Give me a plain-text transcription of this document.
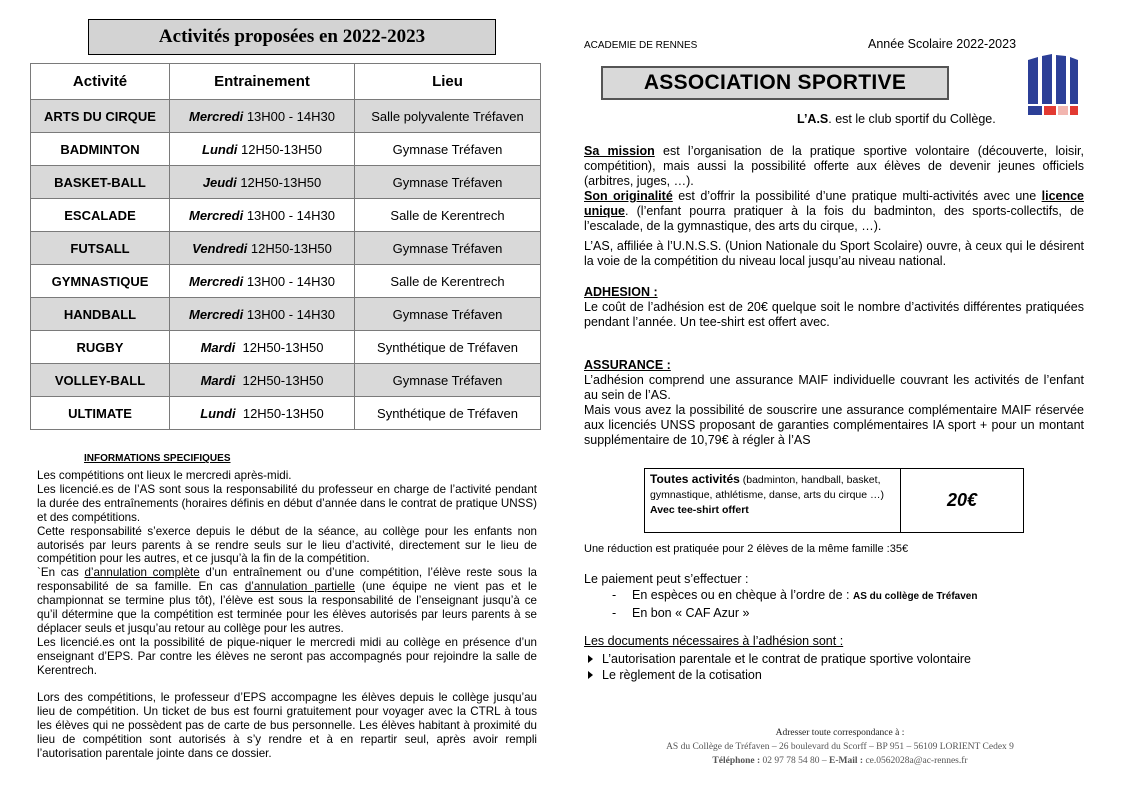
Activités proposées en 2022-2023
Activité	Entrainement	Lieu
ARTS DU CIRQUE	Mercredi 13H00 - 14H30	Salle polyvalente Tréfaven
BADMINTON	Lundi 12H50-13H50	Gymnase Tréfaven
BASKET-BALL	Jeudi 12H50-13H50	Gymnase Tréfaven
ESCALADE	Mercredi 13H00 - 14H30	Salle de Kerentrech
FUTSALL	Vendredi 12H50-13H50	Gymnase Tréfaven
GYMNASTIQUE	Mercredi 13H00 - 14H30	Salle de Kerentrech
HANDBALL	Mercredi 13H00 - 14H30	Gymnase Tréfaven
RUGBY	Mardi  12H50-13H50	Synthétique de Tréfaven
VOLLEY-BALL	Mardi  12H50-13H50	Gymnase Tréfaven
ULTIMATE	Lundi  12H50-13H50	Synthétique de Tréfaven
INFORMATIONS SPECIFIQUES

Les compétitions ont lieux le mercredi après-midi.

Les licencié.es de l’AS sont sous la responsabilité du professeur en charge de l’activité pendant la durée des entraînements (horaires définis en début d’année dans le contrat de pratique UNSS) et des compétitions.

Cette responsabilité s’exerce depuis le début de la séance, au collège pour les enfants non autorisés par leurs parents à se rendre seuls sur le lieu d’activité, directement sur le lieu de compétition pour les autres, et ce jusqu’à la fin de la compétition.

`En cas d’annulation complète d’un entraînement ou d’une compétition, l’élève reste sous la responsabilité de sa famille. En cas d’annulation partielle (une équipe ne vient pas et le championnat se termine plus tôt), l’élève est sous la responsabilité de l’enseignant jusqu’à ce qu’il détermine que la compétition est terminée pour les élèves autorisés par leurs parents à se déplacer seuls et jusqu’au retour au collège pour les autres.

Les licencié.es ont la possibilité de pique-niquer le mercredi midi au collège en présence d’un enseignant d’EPS. Par contre les élèves ne seront pas accompagnés pour rejoindre la salle de Kerentrech.

Lors des compétitions, le professeur d’EPS accompagne les élèves depuis le collège jusqu’au lieu de compétition. Un ticket de bus est fourni gratuitement pour voyager avec la CTRL à tous les élèves qui ne possèdent pas de carte de bus personnelle. Les élèves habitant à proximité du lieu de compétition sont autorisés à s’y rendre et à en repartir seul, après avoir rempli l’autorisation parentale jointe dans ce dossier.

ACADEMIE DE RENNES	Année Scolaire 2022-2023
ASSOCIATION SPORTIVE
L’A.S. est le club sportif du Collège.

Sa mission est l’organisation de la pratique sportive volontaire (découverte, loisir, compétition), mais aussi la possibilité offerte aux élèves de devenir jeunes officiels (arbitres, juges, …).

Son originalité est d’offrir la possibilité d’une pratique multi-activités avec une licence unique. (l’enfant pourra pratiquer à la fois du badminton, des sports-collectifs, de l’escalade, de la gymnastique, des arts du cirque, …).

L’AS, affiliée à l’U.N.S.S. (Union Nationale du Sport Scolaire) ouvre, à ceux qui le désirent la voie de la compétition du niveau local jusqu’au niveau national.

ADHESION :

Le coût de l’adhésion est de 20€ quelque soit le nombre d’activités différentes pratiquées pendant l’année. Un tee-shirt est offert avec.

ASSURANCE :

L’adhésion comprend une assurance MAIF individuelle couvrant les activités de l’enfant au sein de l’AS.

Mais vous avez la possibilité de souscrire une assurance complémentaire MAIF réservée aux licenciés UNSS proposant de garanties complémentaires IA sport + pour un montant supplémentaire de 10,79€ à régler à l’AS

Toutes activités (badminton, handball, basket, gymnastique, athlétisme, danse, arts du cirque …)
Avec tee-shirt offert	20€
Une réduction est pratiquée pour 2 élèves de la même famille :35€
Le paiement peut s’effectuer :
-	En espèces ou en chèque à l’ordre de : AS du collège de Tréfaven
-	En bon « CAF Azur »
Les documents nécessaires à l’adhésion sont :
L’autorisation parentale et le contrat de pratique sportive volontaire
Le règlement de la cotisation
Adresser toute correspondance à :
AS du Collège de Tréfaven – 26 boulevard du Scorff – BP 951 – 56109 LORIENT Cedex 9
Téléphone : 02 97 78 54 80 – E-Mail : ce.0562028a@ac-rennes.fr
